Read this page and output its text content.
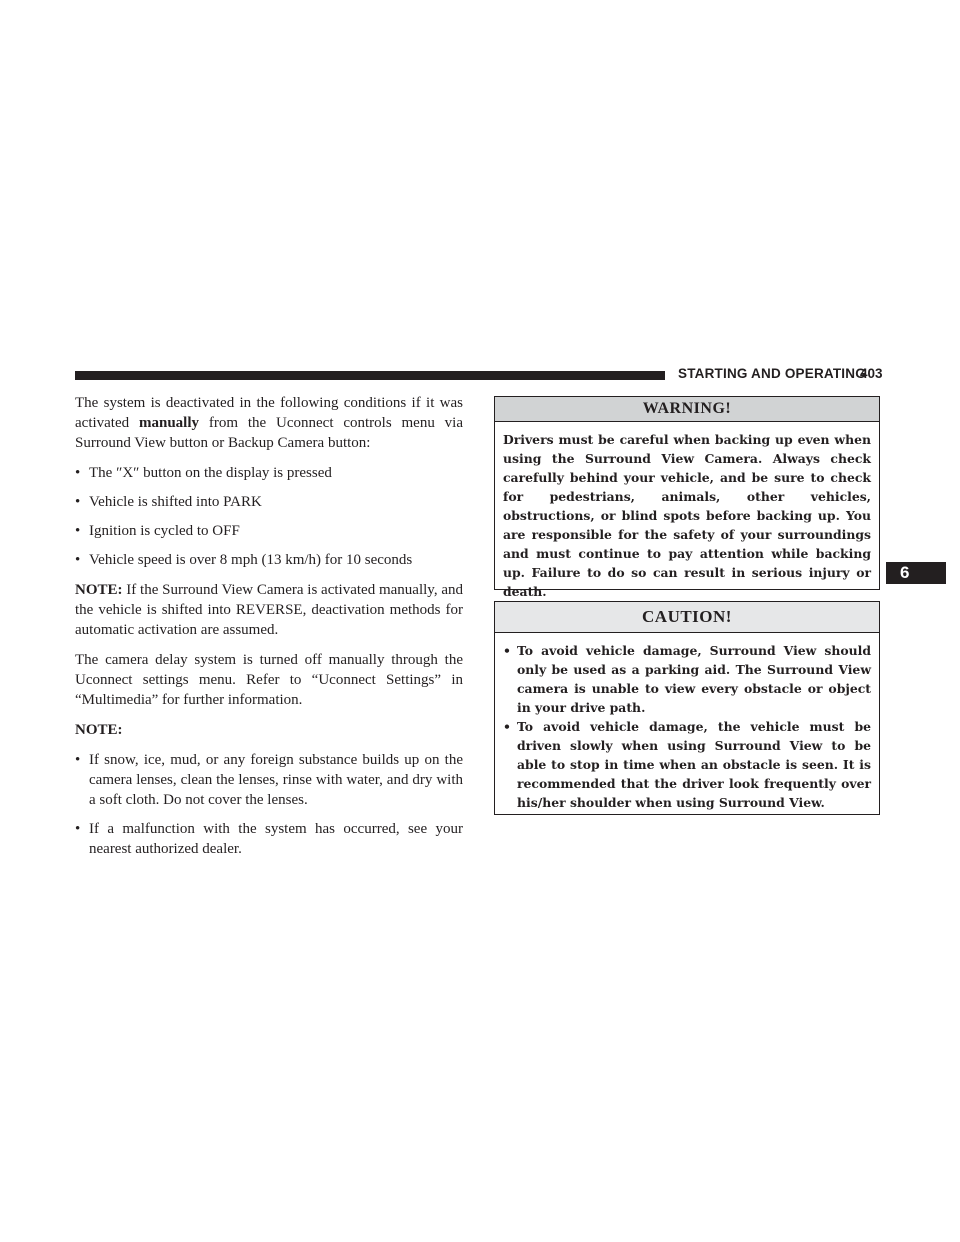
STARTING AND OPERATING
403
6

The system is deactivated in the following conditions if it was activated manually from the Uconnect controls menu via Surround View button or Backup Camera button:

• The ″X″ button on the display is pressed
• Vehicle is shifted into PARK
• Ignition is cycled to OFF
• Vehicle speed is over 8 mph (13 km/h) for 10 seconds

NOTE: If the Surround View Camera is activated manually, and the vehicle is shifted into REVERSE, deactivation methods for automatic activation are assumed.

The camera delay system is turned off manually through the Uconnect settings menu. Refer to “Uconnect Settings” in “Multimedia” for further information.

NOTE:

• If snow, ice, mud, or any foreign substance builds up on the camera lenses, clean the lenses, rinse with water, and dry with a soft cloth. Do not cover the lenses.
• If a malfunction with the system has occurred, see your nearest authorized dealer.
WARNING!
Drivers must be careful when backing up even when using the Surround View Camera. Always check carefully behind your vehicle, and be sure to check for pedestrians, animals, other vehicles, obstructions, or blind spots before backing up. You are responsible for the safety of your surroundings and must continue to pay attention while backing up. Failure to do so can result in serious injury or death.
CAUTION!
• To avoid vehicle damage, Surround View should only be used as a parking aid. The Surround View camera is unable to view every obstacle or object in your drive path.
• To avoid vehicle damage, the vehicle must be driven slowly when using Surround View to be able to stop in time when an obstacle is seen. It is recommended that the driver look frequently over his/her shoulder when using Surround View.
